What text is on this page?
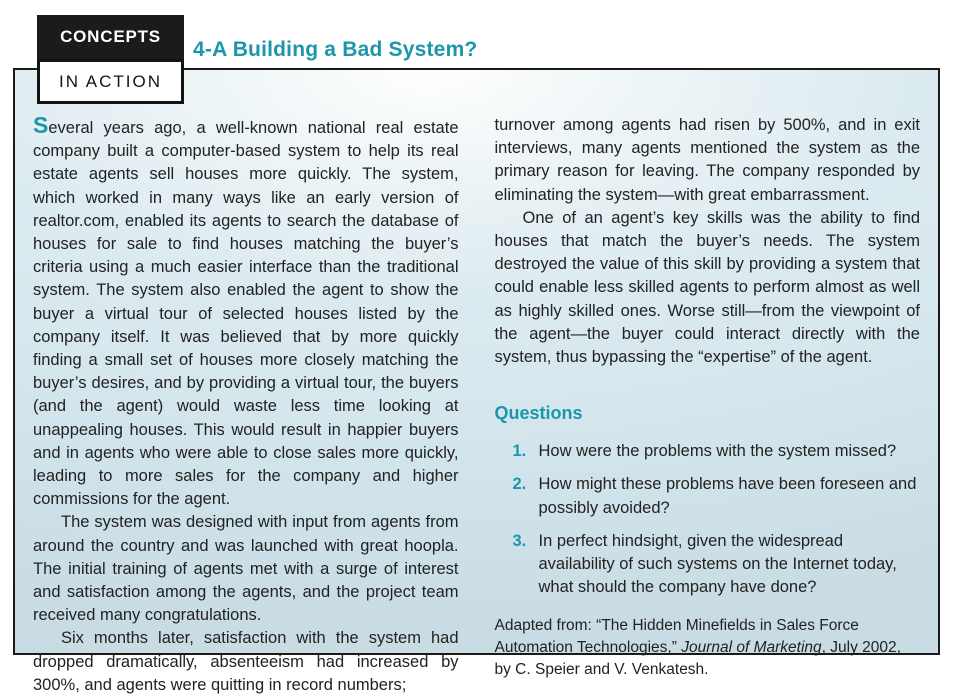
CONCEPTS
IN ACTION
4-A Building a Bad System?

Several years ago, a well-known national real estate company built a computer-based system to help its real estate agents sell houses more quickly. The system, which worked in many ways like an early version of realtor.com, enabled its agents to search the database of houses for sale to find houses matching the buyer’s criteria using a much easier interface than the traditional system. The system also enabled the agent to show the buyer a virtual tour of selected houses listed by the company itself. It was believed that by more quickly finding a small set of houses more closely matching the buyer’s desires, and by providing a virtual tour, the buyers (and the agent) would waste less time looking at unappealing houses. This would result in happier buyers and in agents who were able to close sales more quickly, leading to more sales for the company and higher commissions for the agent.

The system was designed with input from agents from around the country and was launched with great hoopla. The initial training of agents met with a surge of interest and satisfaction among the agents, and the project team received many congratulations.

Six months later, satisfaction with the system had dropped dramatically, absenteeism had increased by 300%, and agents were quitting in record numbers;

turnover among agents had risen by 500%, and in exit interviews, many agents mentioned the system as the primary reason for leaving. The company responded by eliminating the system—with great embarrassment.

One of an agent’s key skills was the ability to find houses that match the buyer’s needs. The system destroyed the value of this skill by providing a system that could enable less skilled agents to perform almost as well as highly skilled ones. Worse still—from the viewpoint of the agent—the buyer could interact directly with the system, thus bypassing the “expertise” of the agent.

Questions
1. How were the problems with the system missed?
2. How might these problems have been foreseen and possibly avoided?
3. In perfect hindsight, given the widespread availability of such systems on the Internet today, what should the company have done?

Adapted from: “The Hidden Minefields in Sales Force Automation Technologies,” Journal of Marketing, July 2002, by C. Speier and V. Venkatesh.
